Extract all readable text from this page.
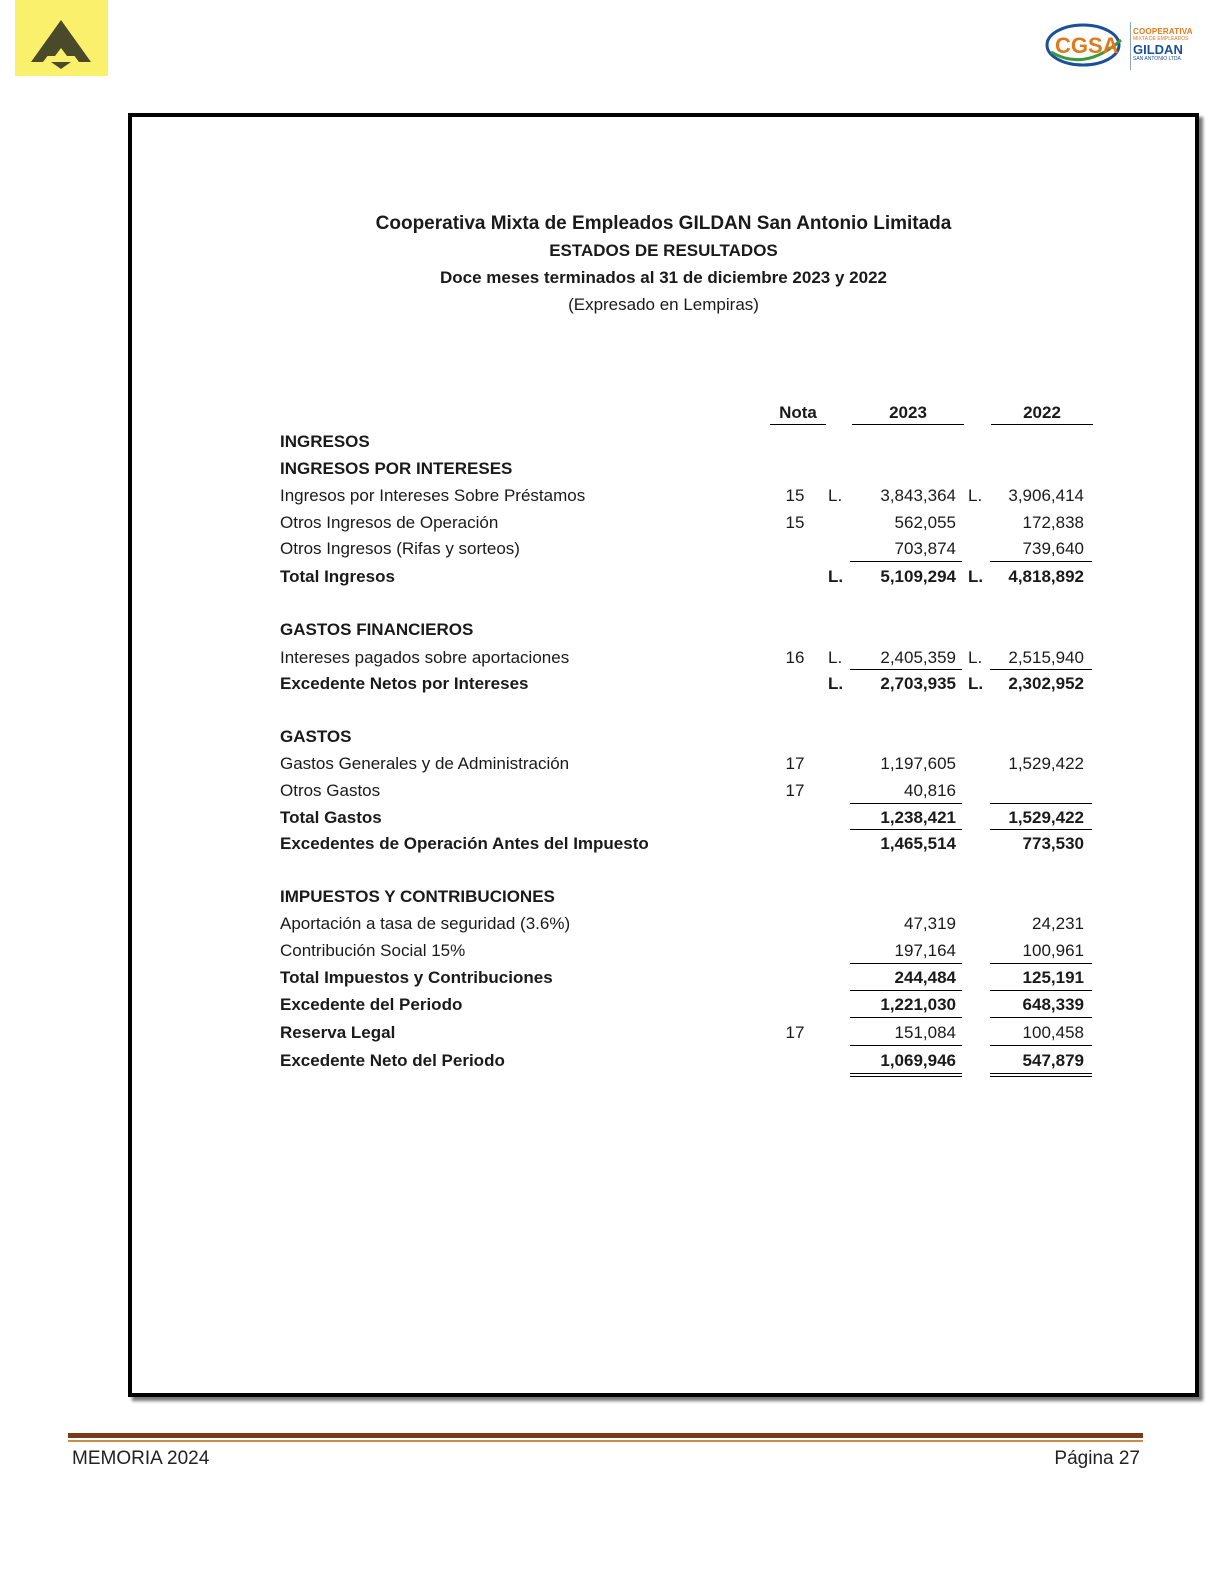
CGSA
COOPERATIVA
MIXTA DE EMPLEADOS
GILDAN
SAN ANTONIO LTDA.
Cooperativa Mixta de Empleados GILDAN San Antonio Limitada
ESTADOS DE RESULTADOS
Doce meses terminados al 31 de diciembre 2023 y 2022
(Expresado en Lempiras)
Nota	2023	2022
INGRESOS
INGRESOS POR INTERESES
Ingresos por Intereses Sobre Préstamos	15	L.	3,843,364 L.	3,906,414
Otros Ingresos de Operación	15	562,055	172,838
Otros Ingresos (Rifas y sorteos)	703,874	739,640
Total Ingresos	L.	5,109,294 L.	4,818,892
GASTOS FINANCIEROS
Intereses pagados sobre aportaciones	16	L.	2,405,359 L.	2,515,940
Excedente Netos por Intereses	L.	2,703,935 L.	2,302,952
GASTOS
Gastos Generales y de Administración	17	1,197,605	1,529,422
Otros Gastos	17	40,816
Total Gastos	1,238,421	1,529,422
Excedentes de Operación Antes del Impuesto	1,465,514	773,530
IMPUESTOS Y CONTRIBUCIONES
Aportación a tasa de seguridad (3.6%)	47,319	24,231
Contribución Social 15%	197,164	100,961
Total Impuestos y Contribuciones	244,484	125,191
Excedente del Periodo	1,221,030	648,339
Reserva Legal	17	151,084	100,458
Excedente Neto del Periodo	1,069,946	547,879
MEMORIA 2024	Página 27
